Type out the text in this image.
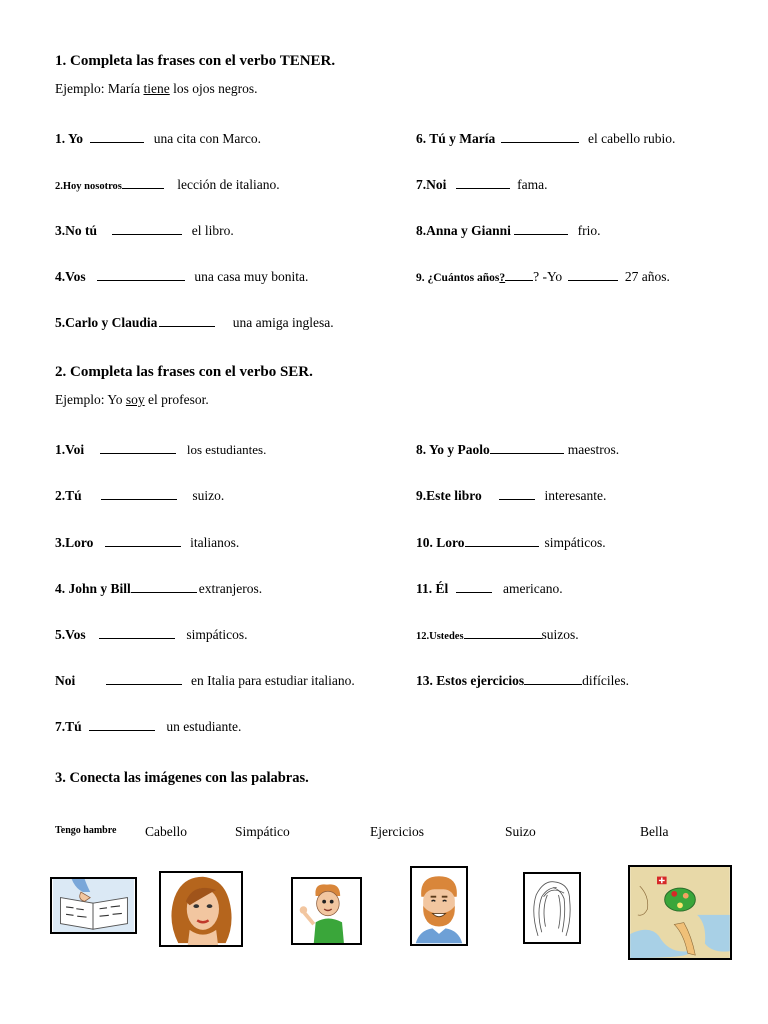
1. Completa las frases con el verbo TENER.
Ejemplo: María tiene los ojos negros.
1. Yo	una cita con Marco.
2.Hoy nosotros	lección de italiano.
3.No tú	el libro.
4.Vos	una casa muy bonita.
5.Carlo y Claudia	una amiga inglesa.
6. Tú y María	el cabello rubio.
7.Noi	fama.
8.Anna y Gianni	frio.
9. ¿Cuántos años? ? -Yo	27 años.
2. Completa las frases con el verbo SER.
Ejemplo: Yo soy el profesor.
1.Voi	los estudiantes.
2.Tú	suizo.
3.Loro	italianos.
4. John y Bill	extranjeros.
5.Vos	simpáticos.
Noi	en Italia para estudiar italiano.
7.Tú	un estudiante.
8. Yo y Paolo	maestros.
9.Este libro	interesante.
10. Loro	simpáticos.
11. Él	americano.
12.Ustedes	suizos.
13. Estos ejercicios	difíciles.
3. Conecta las imágenes con las palabras.
Tengo hambre Cabello	Simpático	Ejercicios	Suizo	Bella
